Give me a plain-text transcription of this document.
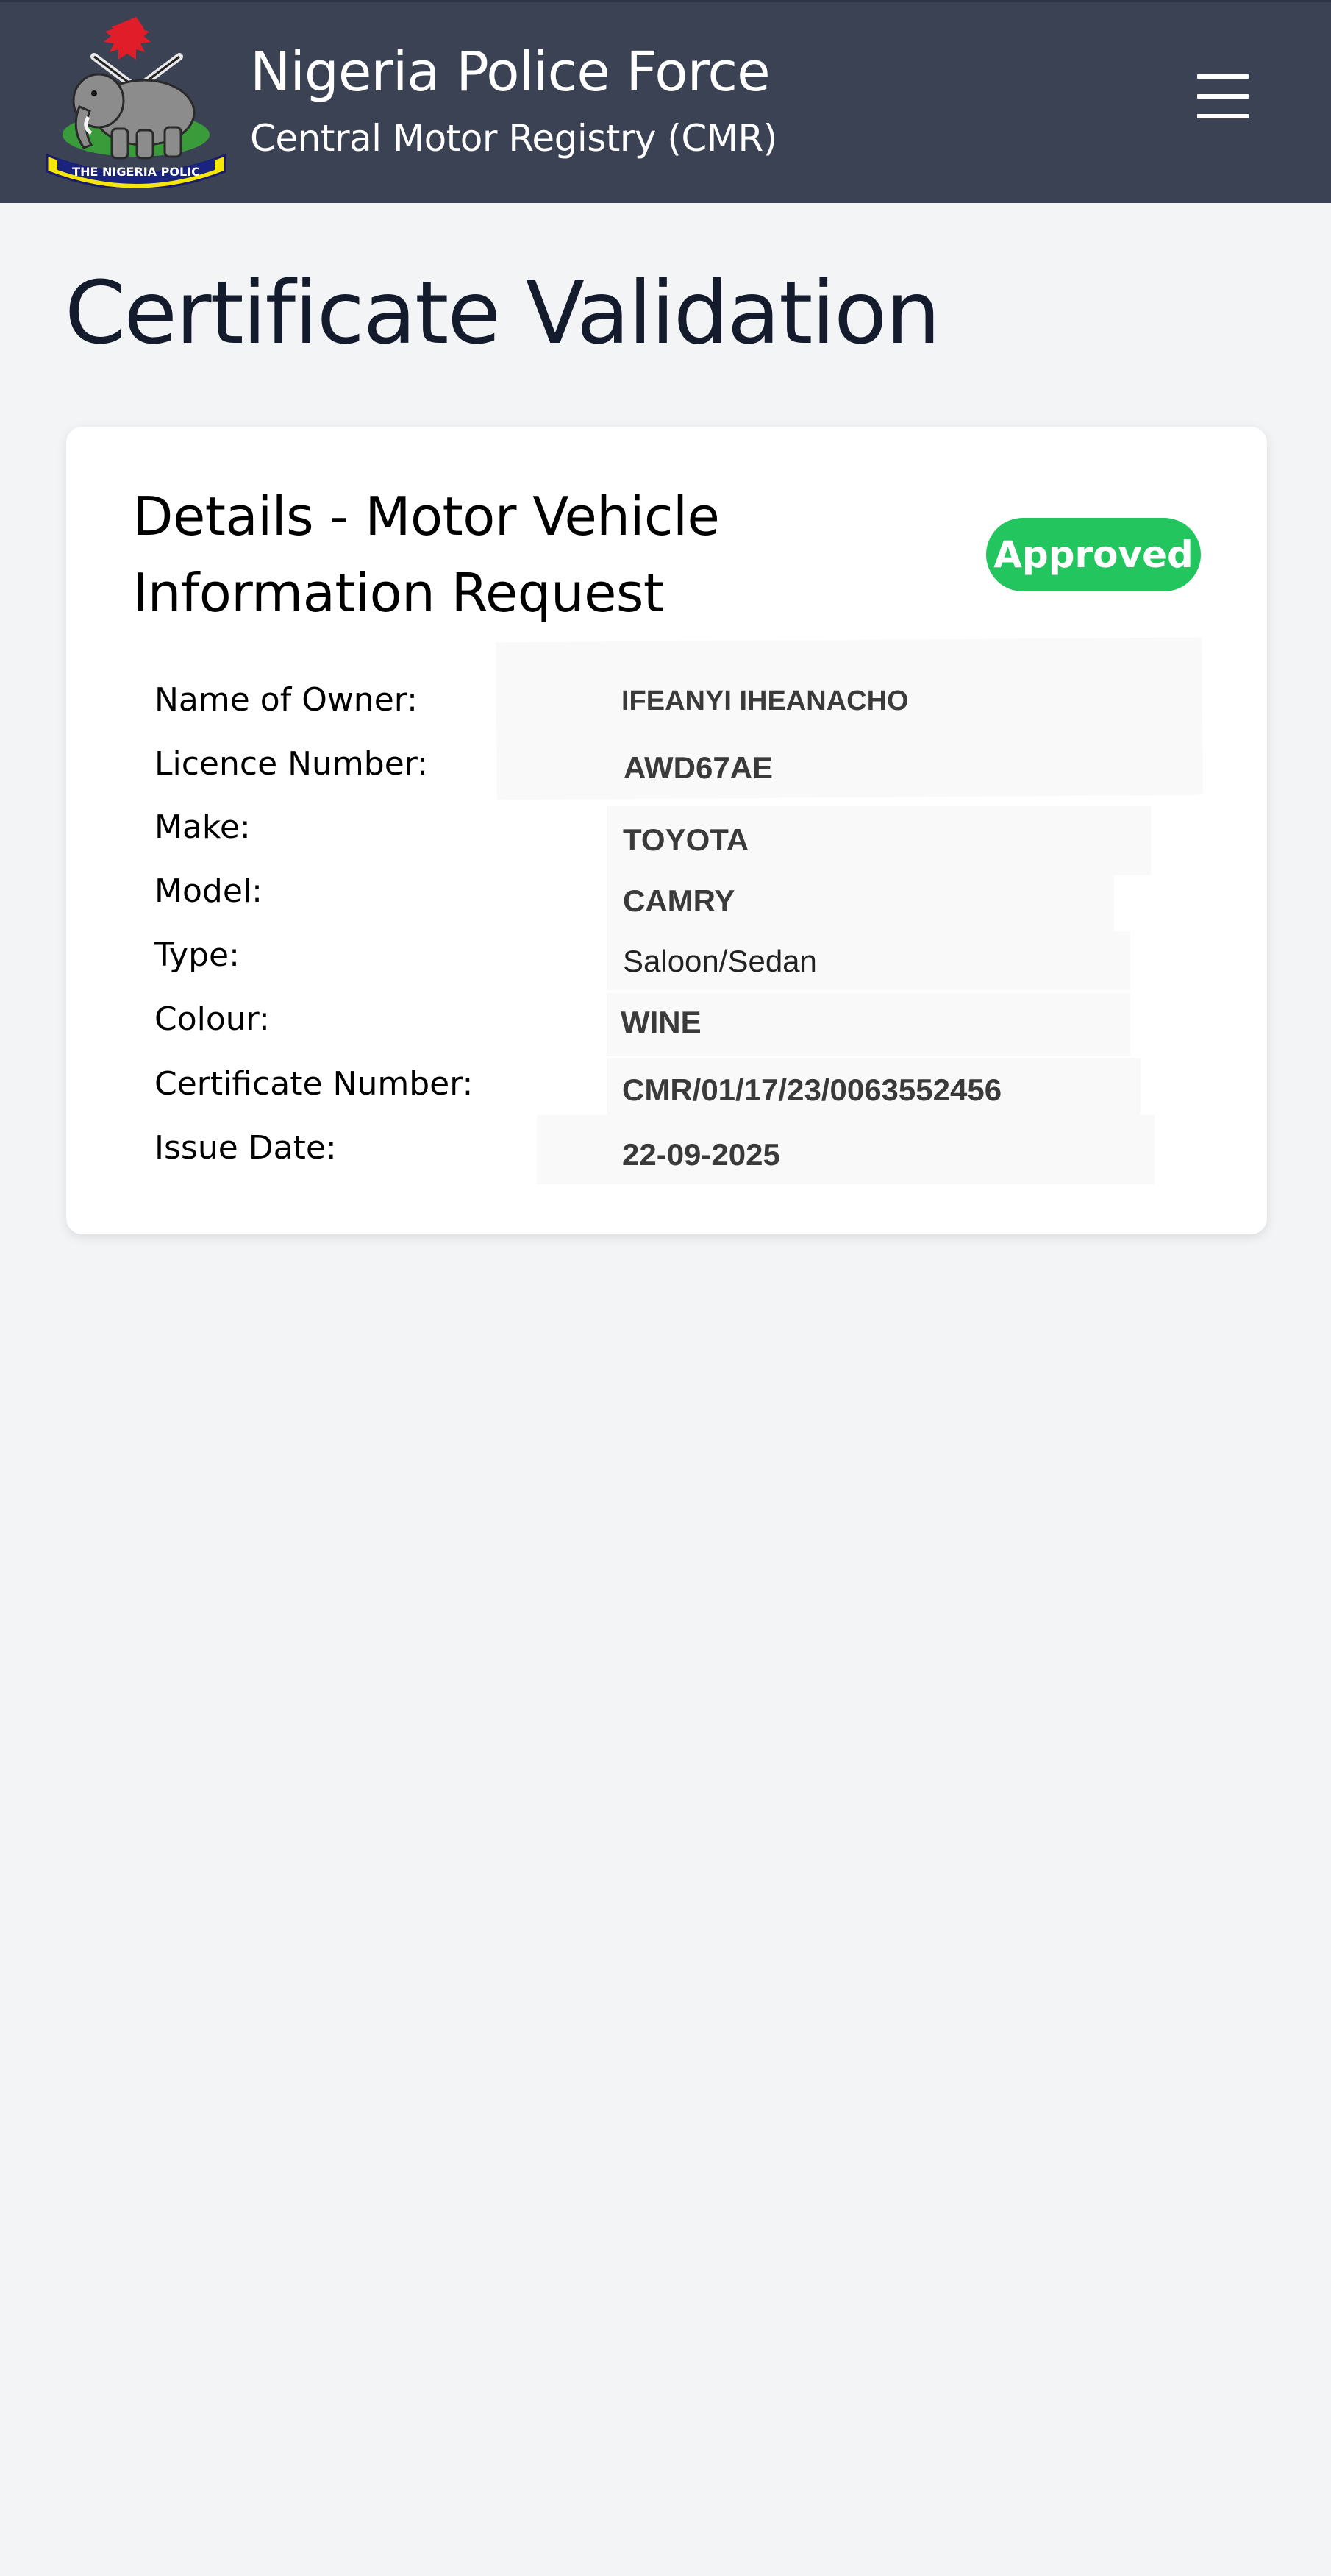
THE NIGERIA POLIC
Nigeria Police Force
Central Motor Registry (CMR)
Certificate Validation
Details - Motor Vehicle Information Request
Approved
Name of Owner:	IFEANYI IHEANACHO
Licence Number:	AWD67AE
Make:	TOYOTA
Model:	CAMRY
Type:	Saloon/Sedan
Colour:	WINE
Certificate Number:	CMR/01/17/23/0063552456
Issue Date:	22-09-2025
